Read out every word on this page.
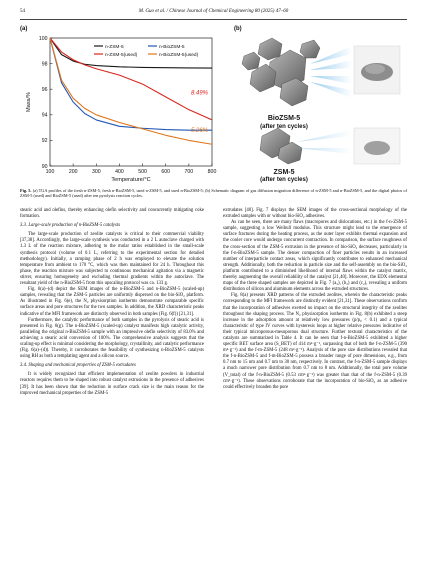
54	M. Guo et al. / Chinese Journal of Chemical Engineering 80 (2025) 47–60
100	200	300	400	500	600	700	800
90
92
94
96
98
100
Temperature/°C
Mass/%
n-ZSM-5
n-ZSM-5(used)
n-BioZSM-5
n-BioZSM-5(used)
8.49%
5.26%
(a)
BioZSM-5
(after ten cycles)
ZSM-5
(after ten cycles)
(b)
Fig. 5. (a) TGA profiles of the fresh n-ZSM-5, fresh n-BioZSM-5, used n-ZSM-5, and used n-BioZSM-5; (b) Schematic diagram of gas diffusion migration difference of n-ZSM-5 and n-BioZSM-5, and the digital photos of ZSM-5 (used) and BioZSM-5 (used) after ten pyrolysis reaction cycles.

stearic acid and olefins, thereby enhancing olefin selectivity and concurrently mitigating coke formation.

3.3. Large-scale production of n-BioZSM-5 catalysts

The large-scale production of zeolite catalysts is critical to their commercial viability [37,38]. Accordingly, the large-scale synthesis was conducted in a 2 L autoclave charged with 1.3 L of the reaction mixture, adhering to the molar ratios established in the small-scale synthesis protocol (volume of 0.1 L, referring to the experimental section for detailed methodology). Initially, a ramping phase of 2 h was employed to elevate the solution temperature from ambient to 170 °C, which was then maintained for 24 h. Throughout this phase, the reaction mixture was subjected to continuous mechanical agitation via a magnetic stirrer, ensuring homogeneity and excluding thermal gradients within the autoclave. The resultant yield of the n-BioZSM-5 from this upscaling protocol was ca. 133 g.

Fig. 6(a)–(d) depict the SEM images of the n-BioZSM-5 and n-BioZSM-5 (scaled-up) samples, revealing that the ZSM-5 particles are uniformly dispersed on the bio-SiO₂ platform. As illustrated in Fig. 6(e), the N₂ physisorption isotherms demonstrate comparable specific surface areas and pore structures for the two samples. In addition, the XRD characteristic peaks indicative of the MFI framework are distinctly observed in both samples (Fig. 6(f)) [21,31].

Furthermore, the catalytic performance of both samples in the pyrolysis of stearic acid is presented in Fig. 6(g). The n-BioZSM-5 (scaled-up) catalyst manifests high catalytic activity, paralleling the original n-BioZSM-5 sample with an impressive olefin selectivity of 83.0% and achieving a stearic acid conversion of 100%. The comprehensive analysis suggests that the scaling-up effect is minimal considering the morphology, crystallinity, and catalytic performance (Fig. 6(a)–(d)). Thereby, it corroborates the feasibility of synthesizing n-BioZSM-5 catalysts using RH as both a templating agent and a silicon source.

3.4. Shaping and mechanical properties of ZSM-5 extrudates

It is widely recognized that efficient implementation of zeolite powders in industrial reactors requires them to be shaped into robust catalyst extrusions in the presence of adhesives [39]. It has been shown that the reduction in surface crack size is the main reason for the improved mechanical properties of the ZSM-5

extrudates [40]. Fig. 7 displays the SEM images of the cross-sectional morphology of the extruded samples with or without bio-SiO₂ adhesives.

As can be seen, there are many flaws (macropores and dislocations, etc.) in the f-n-ZSM-5 sample, suggesting a low Weibull modulus. This structure might lead to the emergence of surface fractures during the heating process, as the outer layer exhibits thermal expansion and the cooler core would undergo concurrent contraction. In comparison, the surface roughness of the cross-section of the ZSM-5 extrusion in the presence of bio-SiO₂ decreases, particularly in the f-n-BioZSM-5 sample. The denser compaction of finer particles results in an increased number of interparticle contact areas, which significantly contributes to enhanced mechanical strength. Additionally, both the reduction in particle size and the self-assembly on the bio-SiO₂ platform contributed to a diminished likelihood of internal flaws within the catalyst matrix, thereby augmenting the overall reliability of the catalyst [21,40]. Moreover, the EDX elemental maps of the three shaped samples are depicted in Fig. 7 (a₂), (b₂) and (c₂), revealing a uniform distribution of silicon and aluminum elements across the extruded structures.

Fig. 8(a) presents XRD patterns of the extruded zeolites, wherein the characteristic peaks corresponding to the MFI framework are distinctly evident [21,31]. These observations confirm that the incorporation of adhesives exerted no impact on the structural integrity of the zeolites throughout the shaping process. The N₂ physisorption isotherms in Fig. 8(b) exhibited a steep increase in the adsorption amount at relatively low pressures (p/p₀ < 0.1) and a typical characteristic of type IV curves with hysteresis loops at higher relative pressures indicative of their typical microporous-mesoporous dual structure. Further textural characteristics of the catalysts are summarized in Table 4. It can be seen that f-n-BioZSM-5 exhibited a higher specific BET surface area (S_BET) of 414 m²·g⁻¹, surpassing that of both the f-n-ZSM-5 (390 m²·g⁻¹) and the f-m-ZSM-5 (248 m²·g⁻¹). Analysis of the pore size distributions revealed that the f-n-BioZSM-5 and f-m-BioZSM-5 possess a broader range of pore dimensions, e.g., from 0.7 nm to 15 nm and 0.7 nm to 30 nm, respectively. In contrast, the f-n-ZSM-5 sample displays a much narrower pore distribution from 0.7 nm to 8 nm. Additionally, the total pore volume (V_total) of the f-n-BioZSM-5 (0.53 cm³·g⁻¹) was greater than that of the f-n-ZSM-5 (0.39 cm³·g⁻¹). These observations corroborate that the incorporation of bio-SiO₂ as an adhesive could effectively broaden the pore
